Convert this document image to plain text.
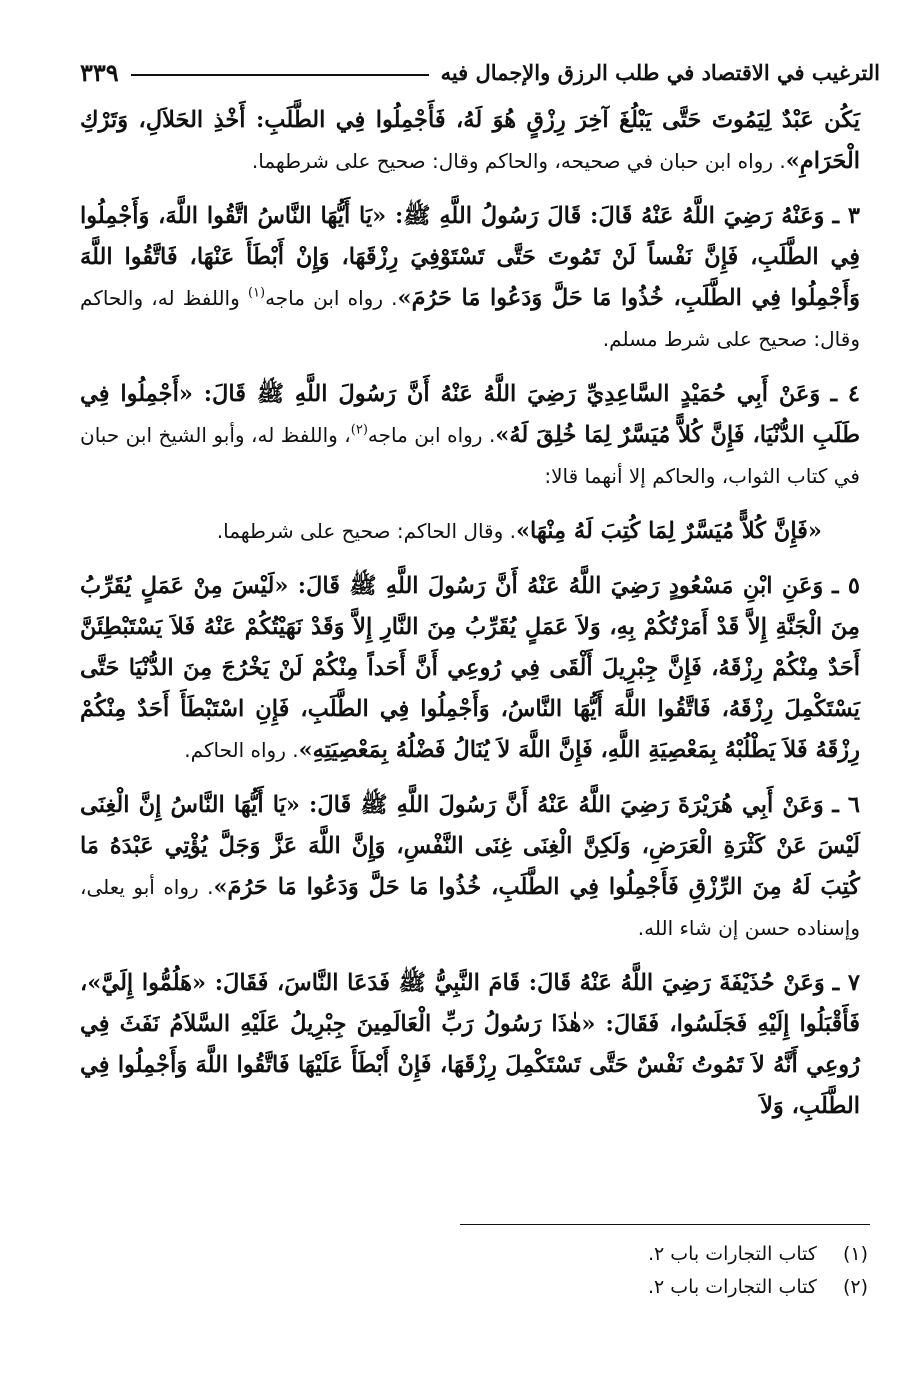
الترغيب في الاقتصاد في طلب الرزق والإجمال فيه
٣٣٩

يَكُن عَبْدٌ لِيَمُوتَ حَتَّى يَبْلُغَ آخِرَ رِزْقٍ هُوَ لَهُ، فَأَجْمِلُوا فِي الطَّلَبِ: أَخْذِ الحَلاَلِ، وَتَرْكِ الْحَرَامِ». رواه ابن حبان في صحيحه، والحاكم وقال: صحيح على شرطهما.

٣ ـ وَعَنْهُ رَضِيَ اللَّهُ عَنْهُ قَالَ: قَالَ رَسُولُ اللَّهِ ﷺ: «يَا أَيُّهَا النَّاسُ اتَّقُوا اللَّهَ، وَأَجْمِلُوا فِي الطَّلَبِ، فَإِنَّ نَفْساً لَنْ تَمُوتَ حَتَّى تَسْتَوْفِيَ رِزْقَهَا، وَإِنْ أَبْطَأَ عَنْهَا، فَاتَّقُوا اللَّهَ وَأَجْمِلُوا فِي الطَّلَبِ، خُذُوا مَا حَلَّ وَدَعُوا مَا حَرُمَ». رواه ابن ماجه$^{(١)}$ واللفظ له، والحاكم وقال: صحيح على شرط مسلم.

٤ ـ وَعَنْ أَبِي حُمَيْدٍ السَّاعِدِيِّ رَضِيَ اللَّهُ عَنْهُ أَنَّ رَسُولَ اللَّهِ ﷺ قَالَ: «أَجْمِلُوا فِي طَلَبِ الدُّنْيَا، فَإِنَّ كُلاًّ مُيَسَّرٌ لِمَا خُلِقَ لَهُ». رواه ابن ماجه$^{(٢)}$، واللفظ له، وأبو الشيخ ابن حبان في كتاب الثواب، والحاكم إلا أنهما قالا:

«فَإِنَّ كُلاًّ مُيَسَّرٌ لِمَا كُتِبَ لَهُ مِنْهَا». وقال الحاكم: صحيح على شرطهما.

٥ ـ وَعَنِ ابْنِ مَسْعُودٍ رَضِيَ اللَّهُ عَنْهُ أَنَّ رَسُولَ اللَّهِ ﷺ قَالَ: «لَيْسَ مِنْ عَمَلٍ يُقَرِّبُ مِنَ الْجَنَّةِ إِلاَّ قَدْ أَمَرْتُكُمْ بِهِ، وَلاَ عَمَلٍ يُقَرِّبُ مِنَ النَّارِ إِلاَّ وَقَدْ نَهَيْتُكُمْ عَنْهُ فَلاَ يَسْتَبْطِئَنَّ أَحَدٌ مِنْكُمْ رِزْقَهُ، فَإِنَّ جِبْرِيلَ أَلْقَى فِي رُوعِي أَنَّ أَحَداً مِنْكُمْ لَنْ يَخْرُجَ مِنَ الدُّنْيَا حَتَّى يَسْتَكْمِلَ رِزْقَهُ، فَاتَّقُوا اللَّهَ أَيُّهَا النَّاسُ، وَأَجْمِلُوا فِي الطَّلَبِ، فَإِنِ اسْتَبْطَأَ أَحَدٌ مِنْكُمْ رِزْقَهُ فَلاَ يَطْلُبْهُ بِمَعْصِيَةِ اللَّهِ، فَإِنَّ اللَّهَ لاَ يُنَالُ فَضْلُهُ بِمَعْصِيَتِهِ». رواه الحاكم.

٦ ـ وَعَنْ أَبِي هُرَيْرَةَ رَضِيَ اللَّهُ عَنْهُ أَنَّ رَسُولَ اللَّهِ ﷺ قَالَ: «يَا أَيُّهَا النَّاسُ إِنَّ الْغِنَى لَيْسَ عَنْ كَثْرَةِ الْعَرَضِ، وَلَكِنَّ الْغِنَى غِنَى النَّفْسِ، وَإِنَّ اللَّهَ عَزَّ وَجَلَّ يُؤْتِي عَبْدَهُ مَا كُتِبَ لَهُ مِنَ الرِّزْقِ فَأَجْمِلُوا فِي الطَّلَبِ، خُذُوا مَا حَلَّ وَدَعُوا مَا حَرُمَ». رواه أبو يعلى، وإسناده حسن إن شاء الله.

٧ ـ وَعَنْ حُذَيْفَةَ رَضِيَ اللَّهُ عَنْهُ قَالَ: قَامَ النَّبِيُّ ﷺ فَدَعَا النَّاسَ، فَقَالَ: «هَلُمُّوا إِلَيَّ»، فَأَقْبَلُوا إِلَيْهِ فَجَلَسُوا، فَقَالَ: «هٰذَا رَسُولُ رَبِّ الْعَالَمِينَ جِبْرِيلُ عَلَيْهِ السَّلاَمُ نَفَثَ فِي رُوعِي أَنَّهُ لاَ تَمُوتُ نَفْسٌ حَتَّى تَسْتَكْمِلَ رِزْقَهَا، فَإِنْ أَبْطَأَ عَلَيْهَا فَاتَّقُوا اللَّهَ وَأَجْمِلُوا فِي الطَّلَبِ، وَلاَ

(١)
كتاب التجارات باب ٢.
(٢)
كتاب التجارات باب ٢.
